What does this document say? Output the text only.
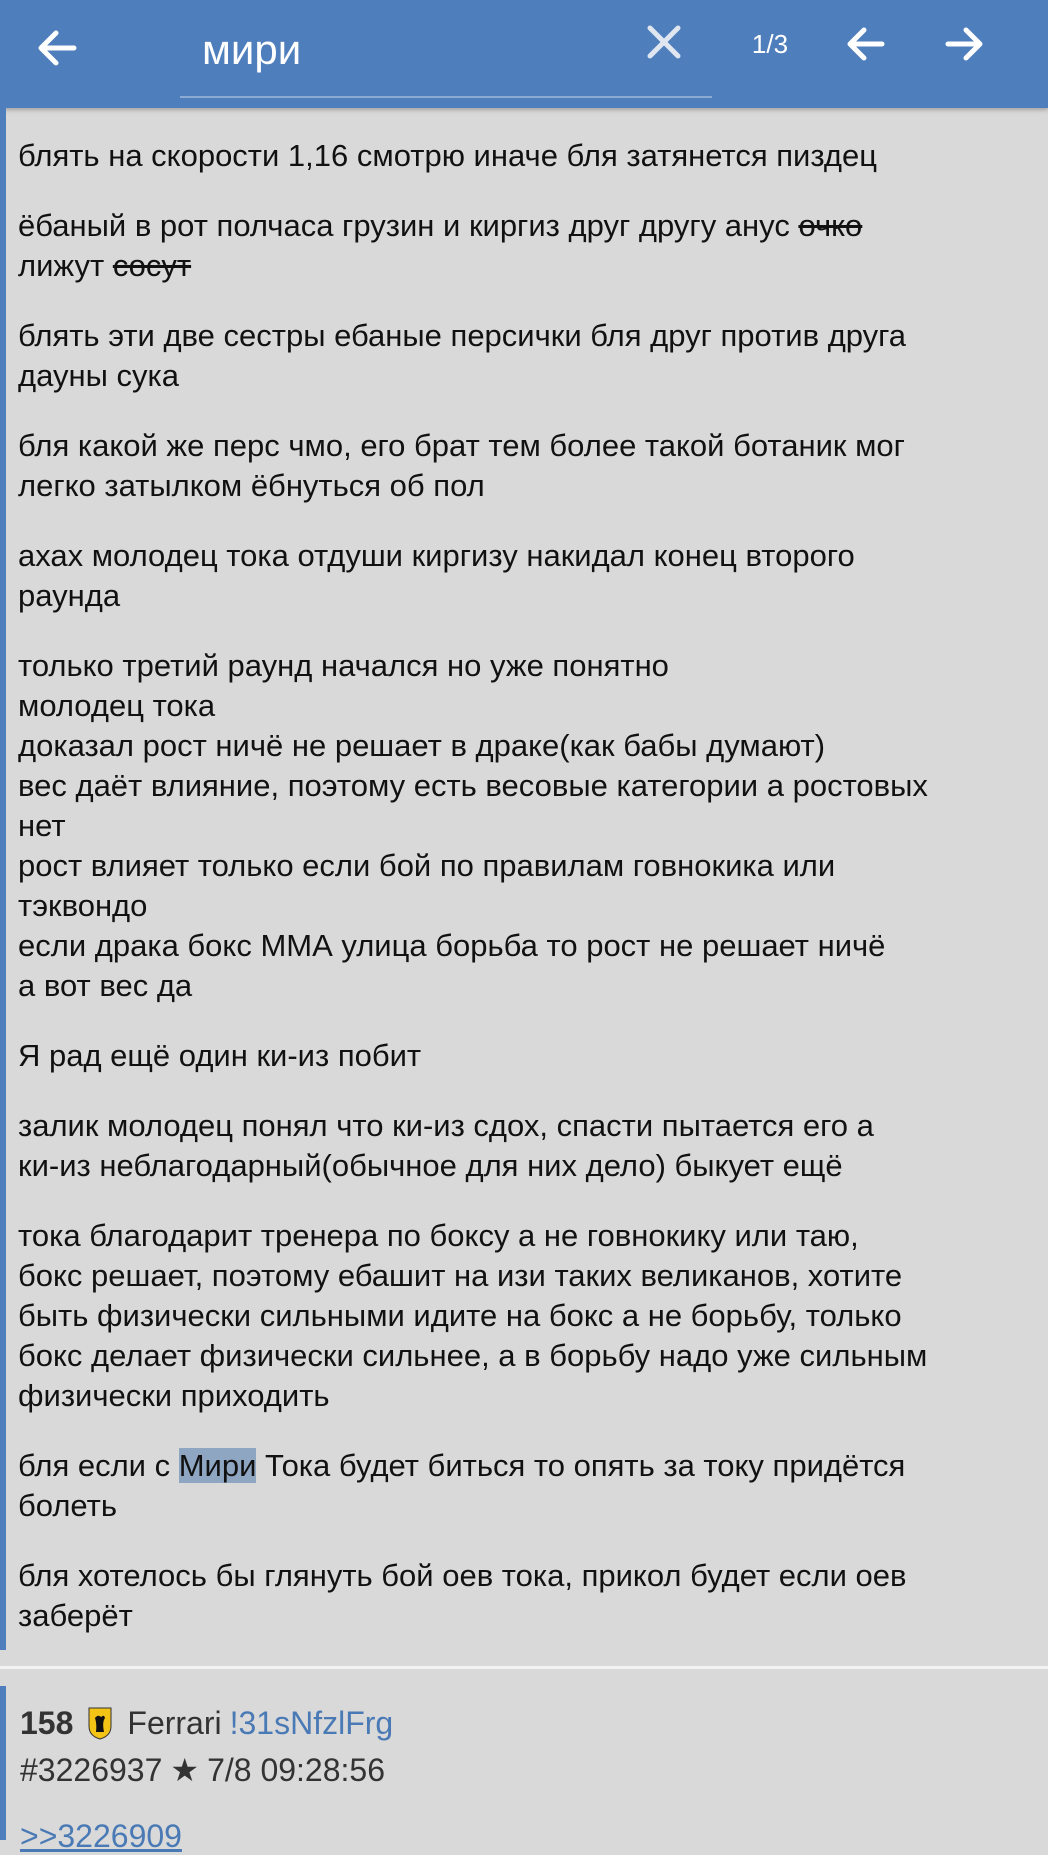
мири
1/3

блять на скорости 1,16 смотрю иначе бля затянется пиздец

ёбаный в рот полчаса грузин и киргиз друг другу анус очко
лижут сосут

блять эти две сестры ебаные персички бля друг против друга
дауны сука

бля какой же перс чмо, его брат тем более такой ботаник мог
легко затылком ёбнуться об пол

ахах молодец тока отдуши киргизу накидал конец второго
раунда

только третий раунд начался но уже понятно
молодец тока
доказал рост ничё не решает в драке(как бабы думают)
вес даёт влияние, поэтому есть весовые категории а ростовых
нет
рост влияет только если бой по правилам говнокика или
тэквондо
если драка бокс ММА улица борьба то рост не решает ничё
а вот вес да

Я рад ещё один ки-из побит

залик молодец понял что ки-из сдох, спасти пытается его а
ки-из неблагодарный(обычное для них дело) быкует ещё

тока благодарит тренера по боксу а не говнокику или таю,
бокс решает, поэтому ебашит на изи таких великанов, хотите
быть физически сильными идите на бокс а не борьбу, только
бокс делает физически сильнее, а в борьбу надо уже сильным
физически приходить

бля если с Мири Тока будет биться то опять за току придётся
болеть

бля хотелось бы глянуть бой оев тока, прикол будет если оев
заберёт

158 Ferrari !31sNfzlFrg
#3226937 ★ 7/8 09:28:56
>>3226909
